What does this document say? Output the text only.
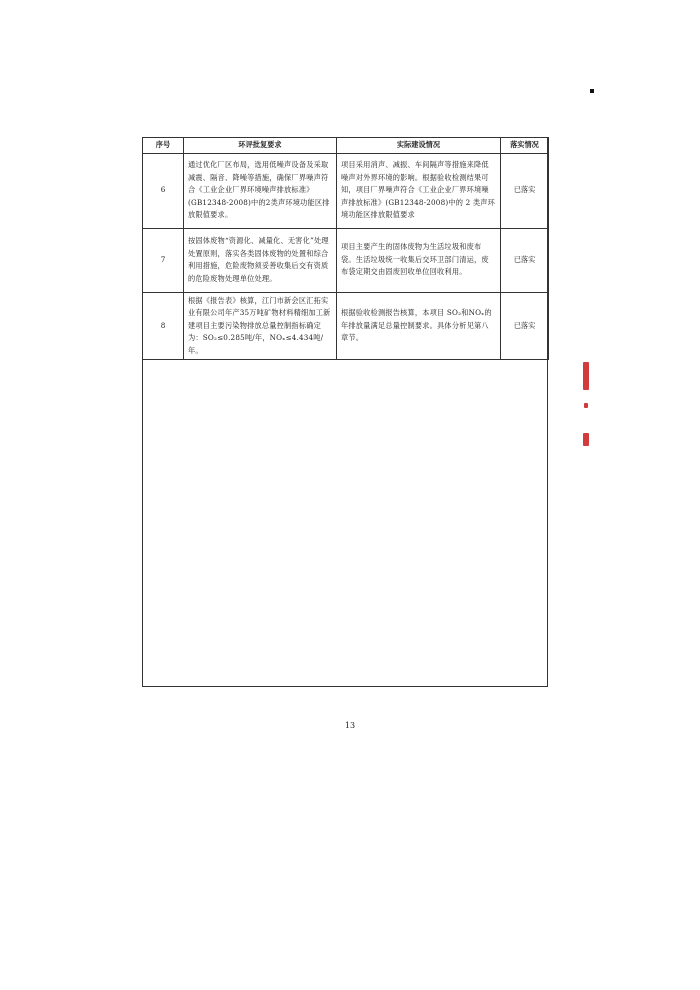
序号	环评批复要求	实际建设情况	落实情况
6	通过优化厂区布局，选用低噪声设备及采取减震、隔音、降噪等措施，确保厂界噪声符合《工业企业厂界环境噪声排放标准》(GB12348-2008)中的2类声环境功能区排放限值要求。	项目采用消声、减振、车间隔声等措施来降低噪声对外界环境的影响。根据验收检测结果可知，项目厂界噪声符合《工业企业厂界环境噪声排放标准》(GB12348-2008)中的 2 类声环境功能区排放限值要求	已落实
7	按固体废物“资源化、减量化、无害化”处理处置原则，落实各类固体废物的处置和综合利用措施，危险废物须妥善收集后交有资质的危险废物处理单位处理。	项目主要产生的固体废物为生活垃圾和废布袋。生活垃圾统一收集后交环卫部门清运，废布袋定期交由固废回收单位回收利用。	已落实
8	根据《报告表》核算，江门市新会区汇拓实业有限公司年产35万吨矿物材料精细加工新建项目主要污染物排放总量控制指标确定为：SO₂≤0.285吨/年，NOₓ≤4.434吨/年。	根据验收检测报告核算，本项目 SO₂和NOₓ的年排放量满足总量控制要求。具体分析见第八章节。	已落实
13
